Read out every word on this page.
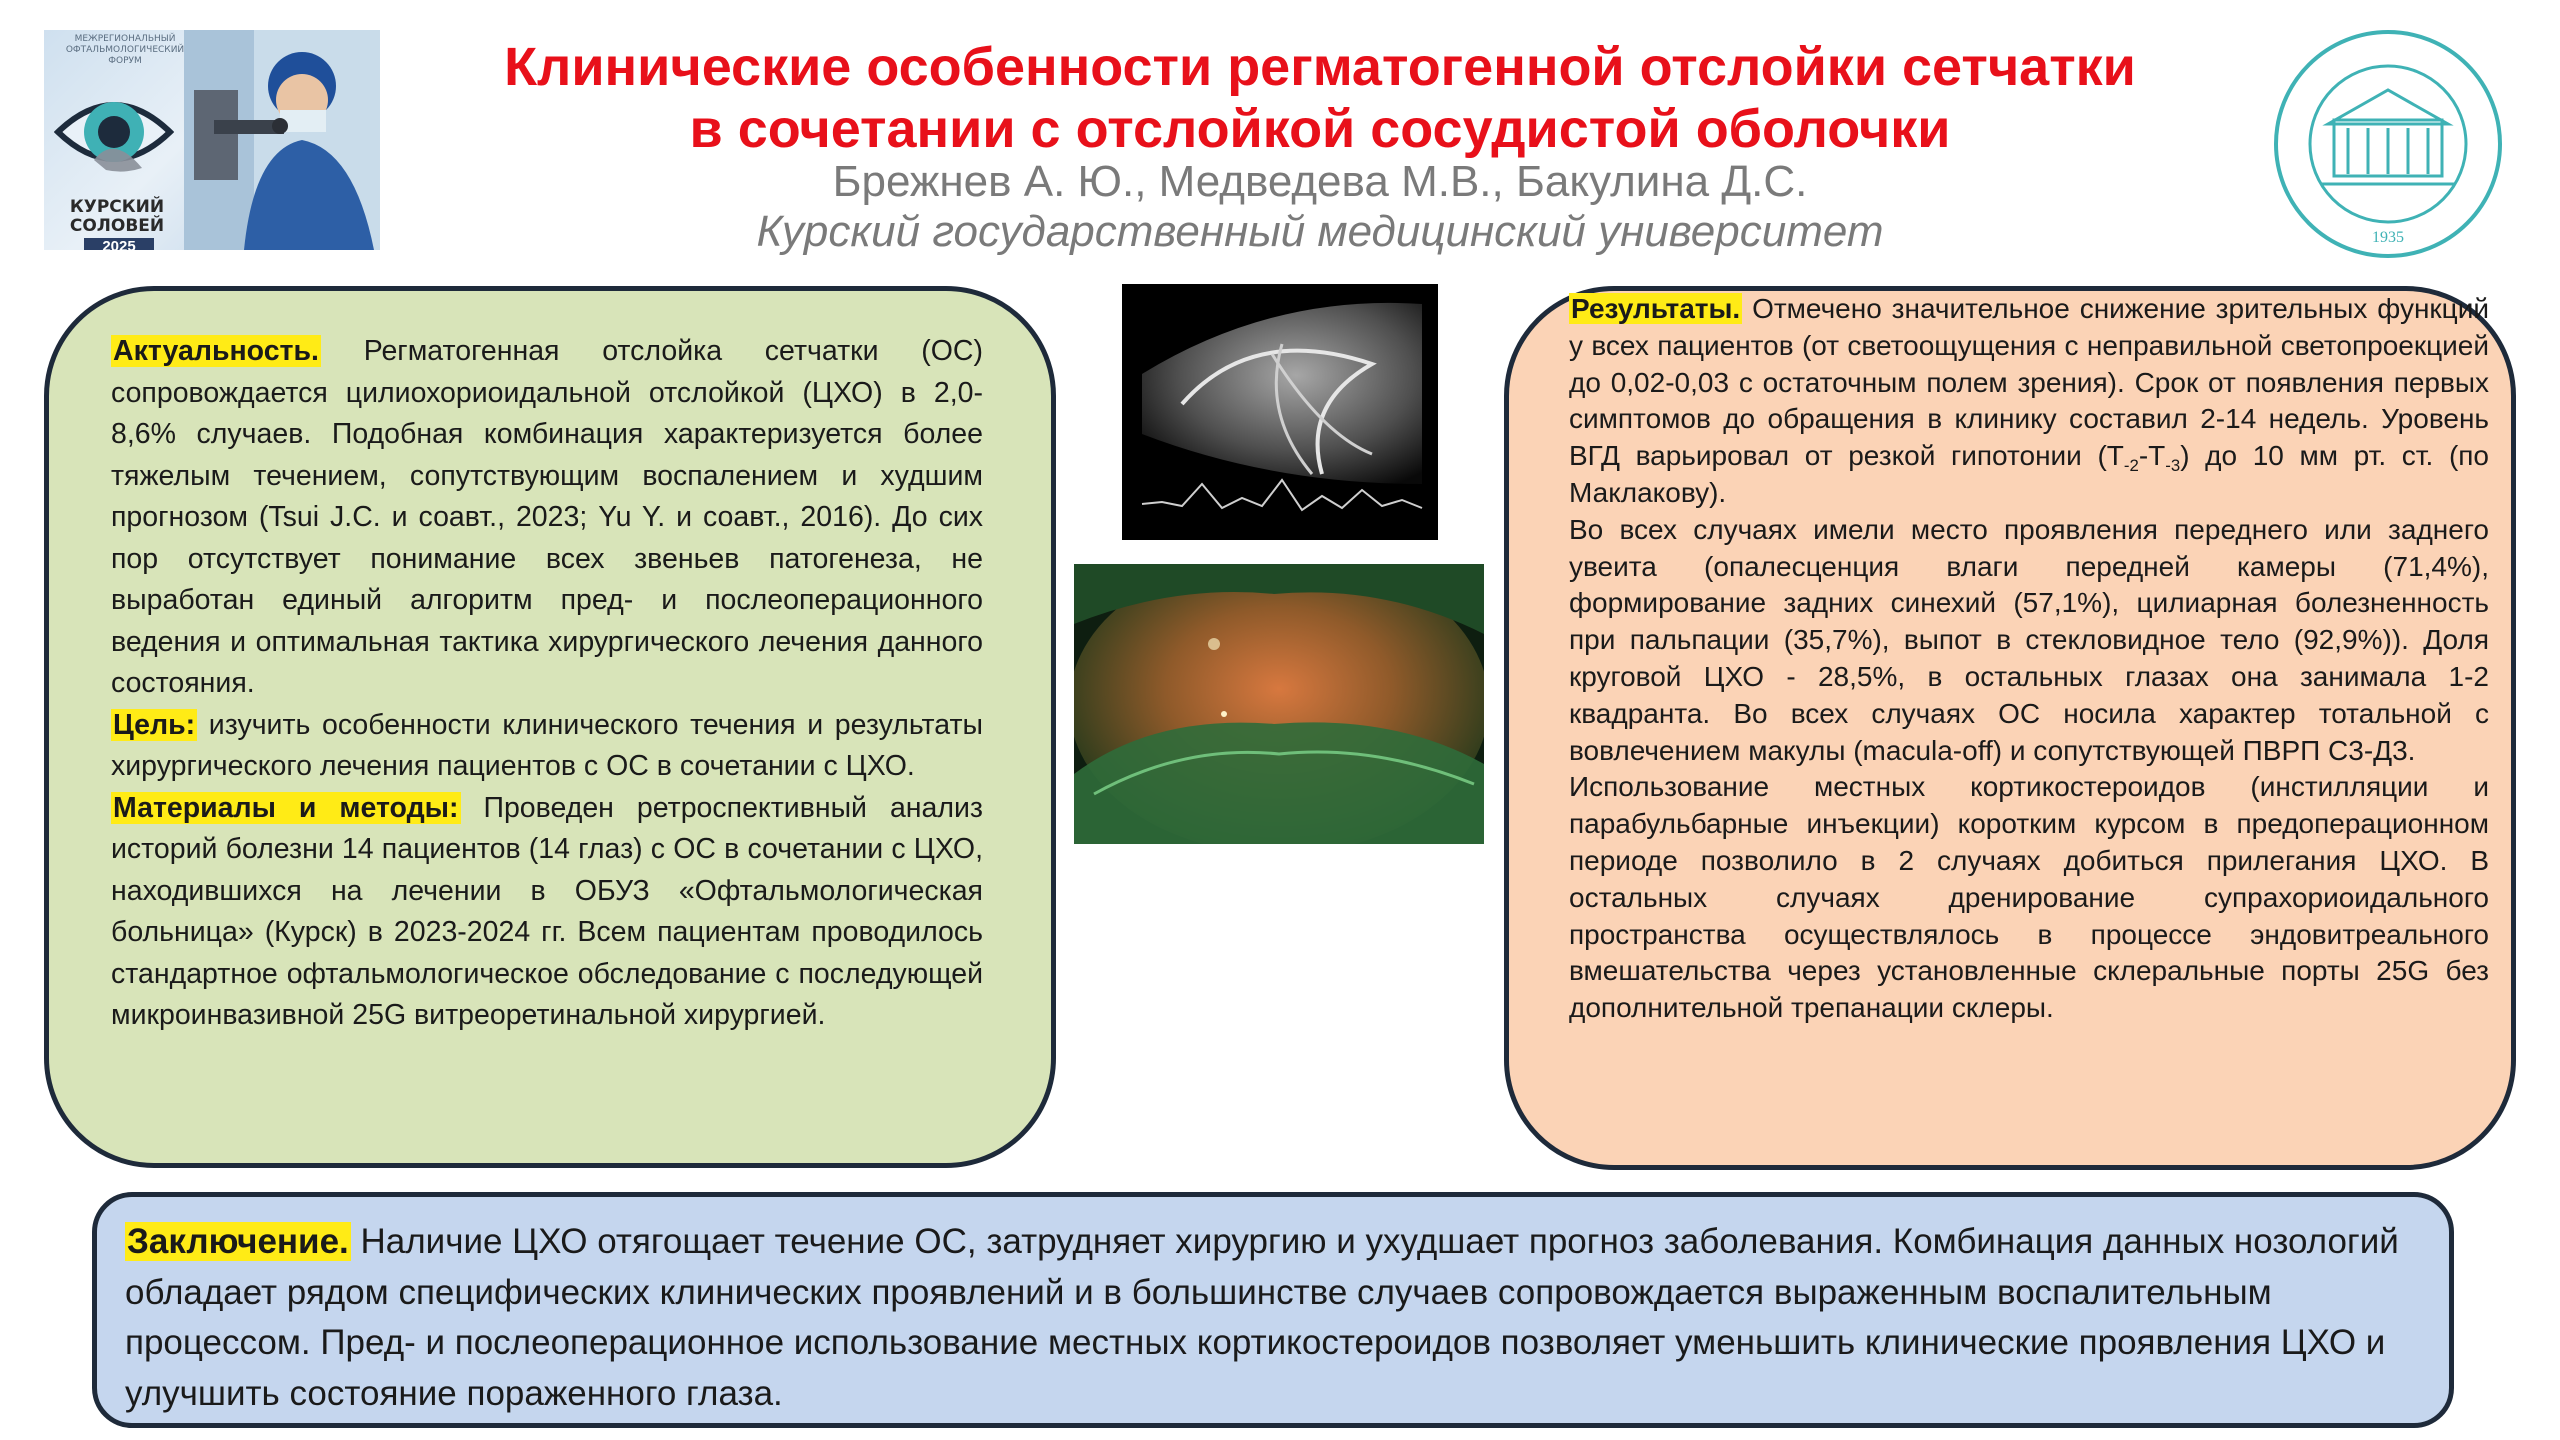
МЕЖРЕГИОНАЛЬНЫЙ ОФТАЛЬМОЛОГИЧЕСКИЙ ФОРУМ
КУРСКИЙ СОЛОВЕЙ
2025
Клинические особенности регматогенной отслойки сетчатки
в сочетании с отслойкой сосудистой оболочки
Брежнев А. Ю., Медведева М.В., Бакулина Д.С.
Курский государственный медицинский университет	1935

Актуальность. Регматогенная отслойка сетчатки (ОС) сопровождается цилиохориоидальной отслойкой (ЦХО) в 2,0-8,6% случаев. Подобная комбинация характеризуется более тяжелым течением, сопутствующим воспалением и худшим прогнозом (Tsui J.C. и соавт., 2023; Yu Y. и соавт., 2016). До сих пор отсутствует понимание всех звеньев патогенеза, не выработан единый алгоритм пред- и послеоперационного ведения и оптимальная тактика хирургического лечения данного состояния.

Цель: изучить особенности клинического течения и результаты хирургического лечения пациентов с ОС в сочетании с ЦХО.

Материалы и методы: Проведен ретроспективный анализ историй болезни 14 пациентов (14 глаз) с ОС в сочетании с ЦХО, находившихся на лечении в ОБУЗ «Офтальмологическая больница» (Курск) в 2023-2024 гг. Всем пациентам проводилось стандартное офтальмологическое обследование с последующей микроинвазивной 25G витреоретинальной хирургией.

Результаты. Отмечено значительное снижение зрительных функций у всех пациентов (от светоощущения с неправильной светопроекцией до 0,02-0,03 с остаточным полем зрения). Срок от появления первых симптомов до обращения в клинику составил 2-14 недель. Уровень ВГД варьировал от резкой гипотонии $(Т_{-2}-Т_{-3})$ до 10 мм рт. ст. (по Маклакову).

Во всех случаях имели место проявления переднего или заднего увеита (опалесценция влаги передней камеры (71,4%), формирование задних синехий (57,1%), цилиарная болезненность при пальпации (35,7%), выпот в стекловидное тело (92,9%)). Доля круговой ЦХО - 28,5%, в остальных глазах она занимала 1-2 квадранта. Во всех случаях ОС носила характер тотальной с вовлечением макулы (macula-off) и сопутствующей ПВРП С3-Д3.

Использование местных кортикостероидов (инстилляции и парабульбарные инъекции) коротким курсом в предоперационном периоде позволило в 2 случаях добиться прилегания ЦХО. В остальных случаях дренирование супрахориоидального пространства осуществлялось в процессе эндовитреального вмешательства через установленные склеральные порты 25G без дополнительной трепанации склеры.

Заключение. Наличие ЦХО отягощает течение ОС, затрудняет хирургию и ухудшает прогноз заболевания. Комбинация данных нозологий обладает рядом специфических клинических проявлений и в большинстве случаев сопровождается выраженным воспалительным процессом. Пред- и послеоперационное использование местных кортикостероидов позволяет уменьшить клинические проявления ЦХО и улучшить состояние пораженного глаза.
